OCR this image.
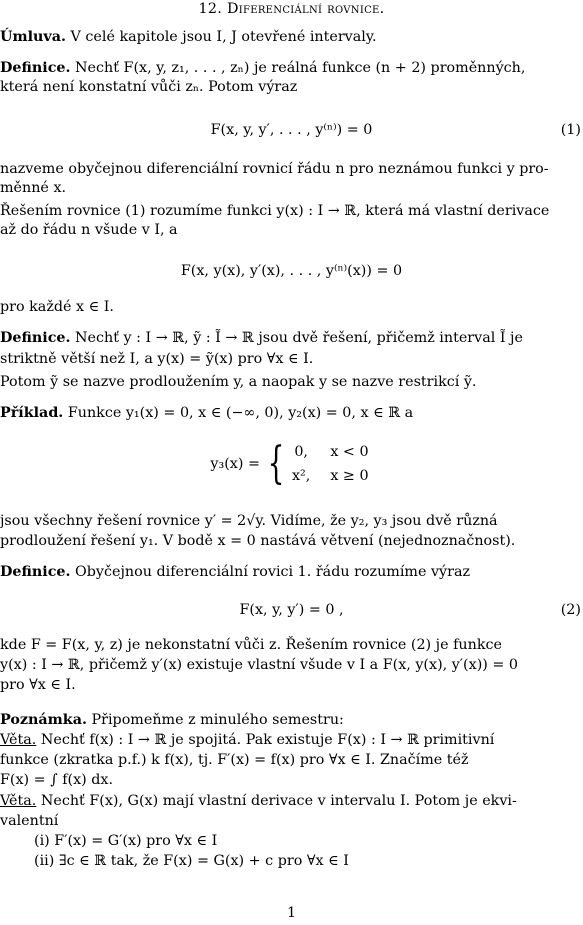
12. Diferenciální rovnice.
Úmluva. V celé kapitole jsou I, J otevřené intervaly.
Definice. Nechť F(x, y, z₁, . . . , zₙ) je reálná funkce (n + 2) proměnných,
která není konstatní vůči zₙ. Potom výraz
F(x, y, y′, . . . , y⁽ⁿ⁾) = 0	(1)
nazveme obyčejnou diferenciální rovnicí řádu n pro neznámou funkci y pro-
měnné x.
Řešením rovnice (1) rozumíme funkci y(x) : I → ℝ, která má vlastní derivace
až do řádu n všude v I, a
F(x, y(x), y′(x), . . . , y⁽ⁿ⁾(x)) = 0
pro každé x ∈ I.
Definice. Nechť y : I → ℝ, ỹ : Ĩ → ℝ jsou dvě řešení, přičemž interval Ĩ je
striktně větší než I, a y(x) = ỹ(x) pro ∀x ∈ I.
Potom ỹ se nazve prodloužením y, a naopak y se nazve restrikcí ỹ.
Příklad. Funkce y₁(x) = 0, x ∈ (−∞, 0), y₂(x) = 0, x ∈ ℝ a
y₃(x) = { 0,	x < 0
x²,	x ≥ 0
jsou všechny řešení rovnice y′ = 2√y. Vidíme, že y₂, y₃ jsou dvě různá
prodloužení řešení y₁. V bodě x = 0 nastává větvení (nejednoznačnost).
Definice. Obyčejnou diferenciální rovici 1. řádu rozumíme výraz
F(x, y, y′) = 0 ,	(2)
kde F = F(x, y, z) je nekonstatní vůči z. Řešením rovnice (2) je funkce
y(x) : I → ℝ, přičemž y′(x) existuje vlastní všude v I a F(x, y(x), y′(x)) = 0
pro ∀x ∈ I.
Poznámka. Připomeňme z minulého semestru:
Věta. Nechť f(x) : I → ℝ je spojitá. Pak existuje F(x) : I → ℝ primitivní
funkce (zkratka p.f.) k f(x), tj. F′(x) = f(x) pro ∀x ∈ I. Značíme též
F(x) = ∫ f(x) dx.
Věta. Nechť F(x), G(x) mají vlastní derivace v intervalu I. Potom je ekvi-
valentní
(i) F′(x) = G′(x) pro ∀x ∈ I
(ii) ∃c ∈ ℝ tak, že F(x) = G(x) + c pro ∀x ∈ I
1
